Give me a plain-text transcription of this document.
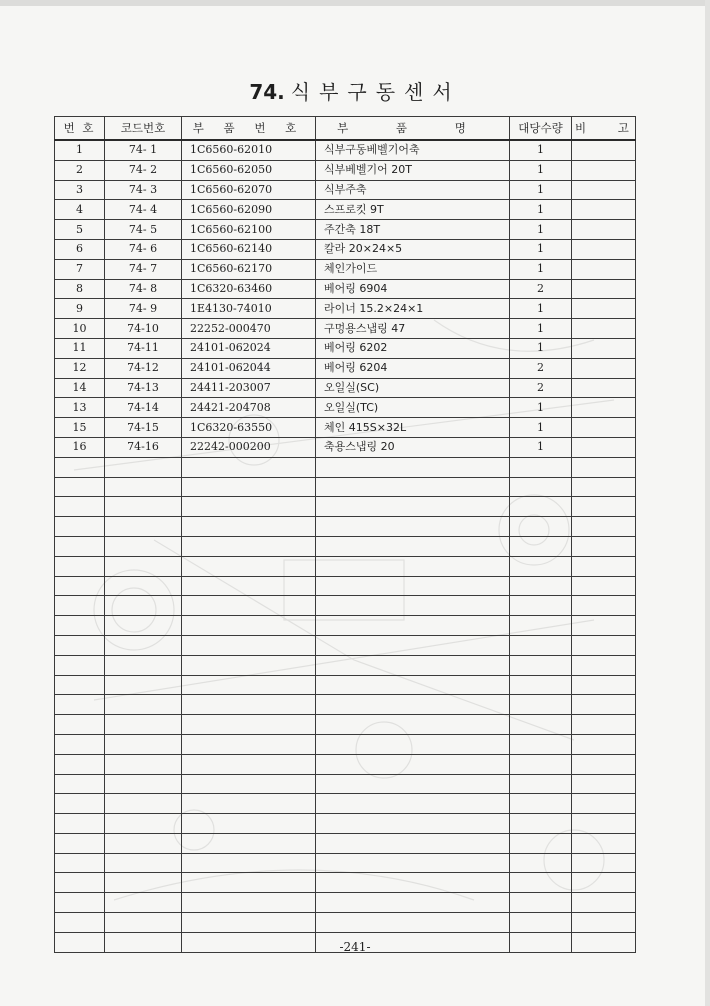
74. 식부구동센서
번 호	코드번호	부 품 번 호	부 품 명	대당수량	비 고
1	74- 1	1C6560-62010	식부구동베벨기어축	1	
2	74- 2	1C6560-62050	식부베벨기어 20T	1	
3	74- 3	1C6560-62070	식부주축	1	
4	74- 4	1C6560-62090	스프로킷 9T	1	
5	74- 5	1C6560-62100	주간축 18T	1	
6	74- 6	1C6560-62140	칼라 20×24×5	1	
7	74- 7	1C6560-62170	체인가이드	1	
8	74- 8	1C6320-63460	베어링 6904	2	
9	74- 9	1E4130-74010	라이너 15.2×24×1	1	
10	74-10	22252-000470	구멍용스냅링 47	1	
11	74-11	24101-062024	베어링 6202	1	
12	74-12	24101-062044	베어링 6204	2	
14	74-13	24411-203007	오일실(SC)	2	
13	74-14	24421-204708	오일실(TC)	1	
15	74-15	1C6320-63550	체인 415S×32L	1	
16	74-16	22242-000200	축용스냅링 20	1	

-241-
